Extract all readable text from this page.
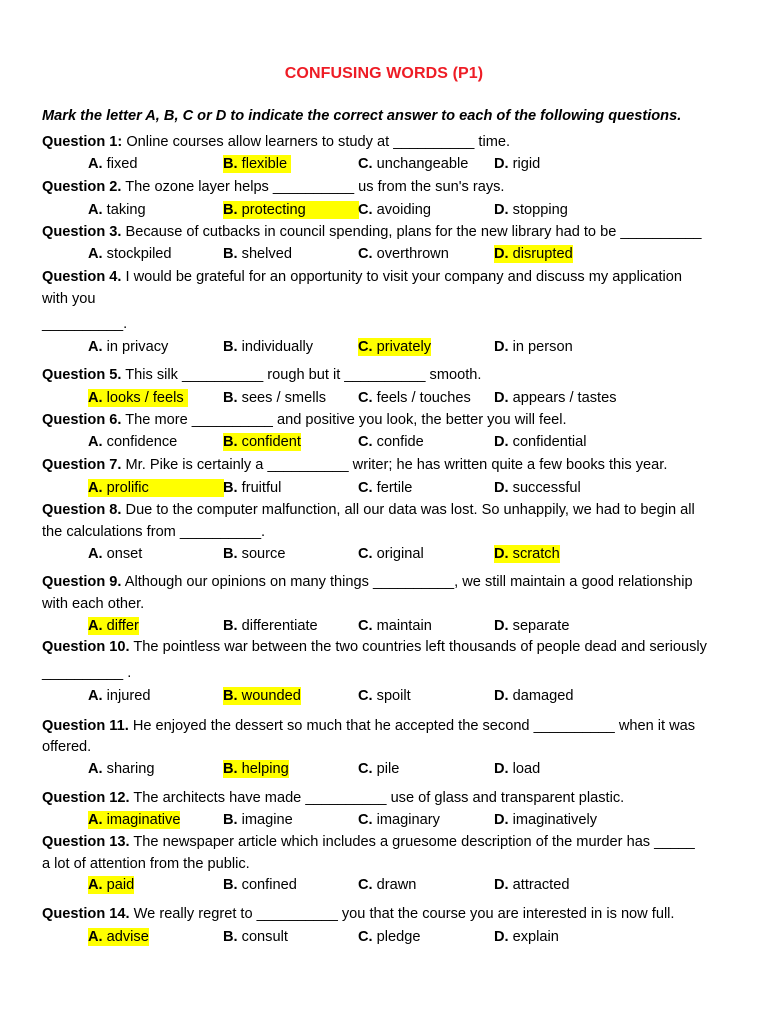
CONFUSING WORDS (P1)
Mark the letter A, B, C or D to indicate the correct answer to each of the following questions.
Question 1: Online courses allow learners to study at __________ time.
A. fixed	B. flexible	C. unchangeable D. rigid
Question 2. The ozone layer helps __________ us from the sun's rays.
A. taking	B. protecting	C. avoiding	D. stopping
Question 3. Because of cutbacks in council spending, plans for the new library had to be __________
A. stockpiled	B. shelved	C. overthrown	D. disrupted
Question 4. I would be grateful for an opportunity to visit your company and discuss my application
with you
__________.
A. in privacy	B. individually	C. privately	D. in person
Question 5. This silk __________ rough but it __________ smooth.
A. looks / feels	B. sees / smells C. feels / touches D. appears / tastes
Question 6. The more __________ and positive you look, the better you will feel.
A. confidence	B. confident	C. confide	D. confidential
Question 7. Mr. Pike is certainly a __________ writer; he has written quite a few books this year.
A. prolific	B. fruitful	C. fertile	D. successful
Question 8. Due to the computer malfunction, all our data was lost. So unhappily, we had to begin all
the calculations from __________.
A. onset	B. source	C. original	D. scratch
Question 9. Although our opinions on many things __________, we still maintain a good relationship
with each other.
A. differ	B. differentiate	C. maintain	D. separate
Question 10. The pointless war between the two countries left thousands of people dead and seriously
__________ .
A. injured	B. wounded	C. spoilt	D. damaged
Question 11. He enjoyed the dessert so much that he accepted the second __________ when it was
offered.
A. sharing	B. helping	C. pile	D. load
Question 12. The architects have made __________ use of glass and transparent plastic.
A. imaginative	B. imagine	C. imaginary	D. imaginatively
Question 13. The newspaper article which includes a gruesome description of the murder has _____
a lot of attention from the public.
A. paid	B. confined	C. drawn	D. attracted
Question 14. We really regret to __________ you that the course you are interested in is now full.
A. advise	B. consult	C. pledge	D. explain
